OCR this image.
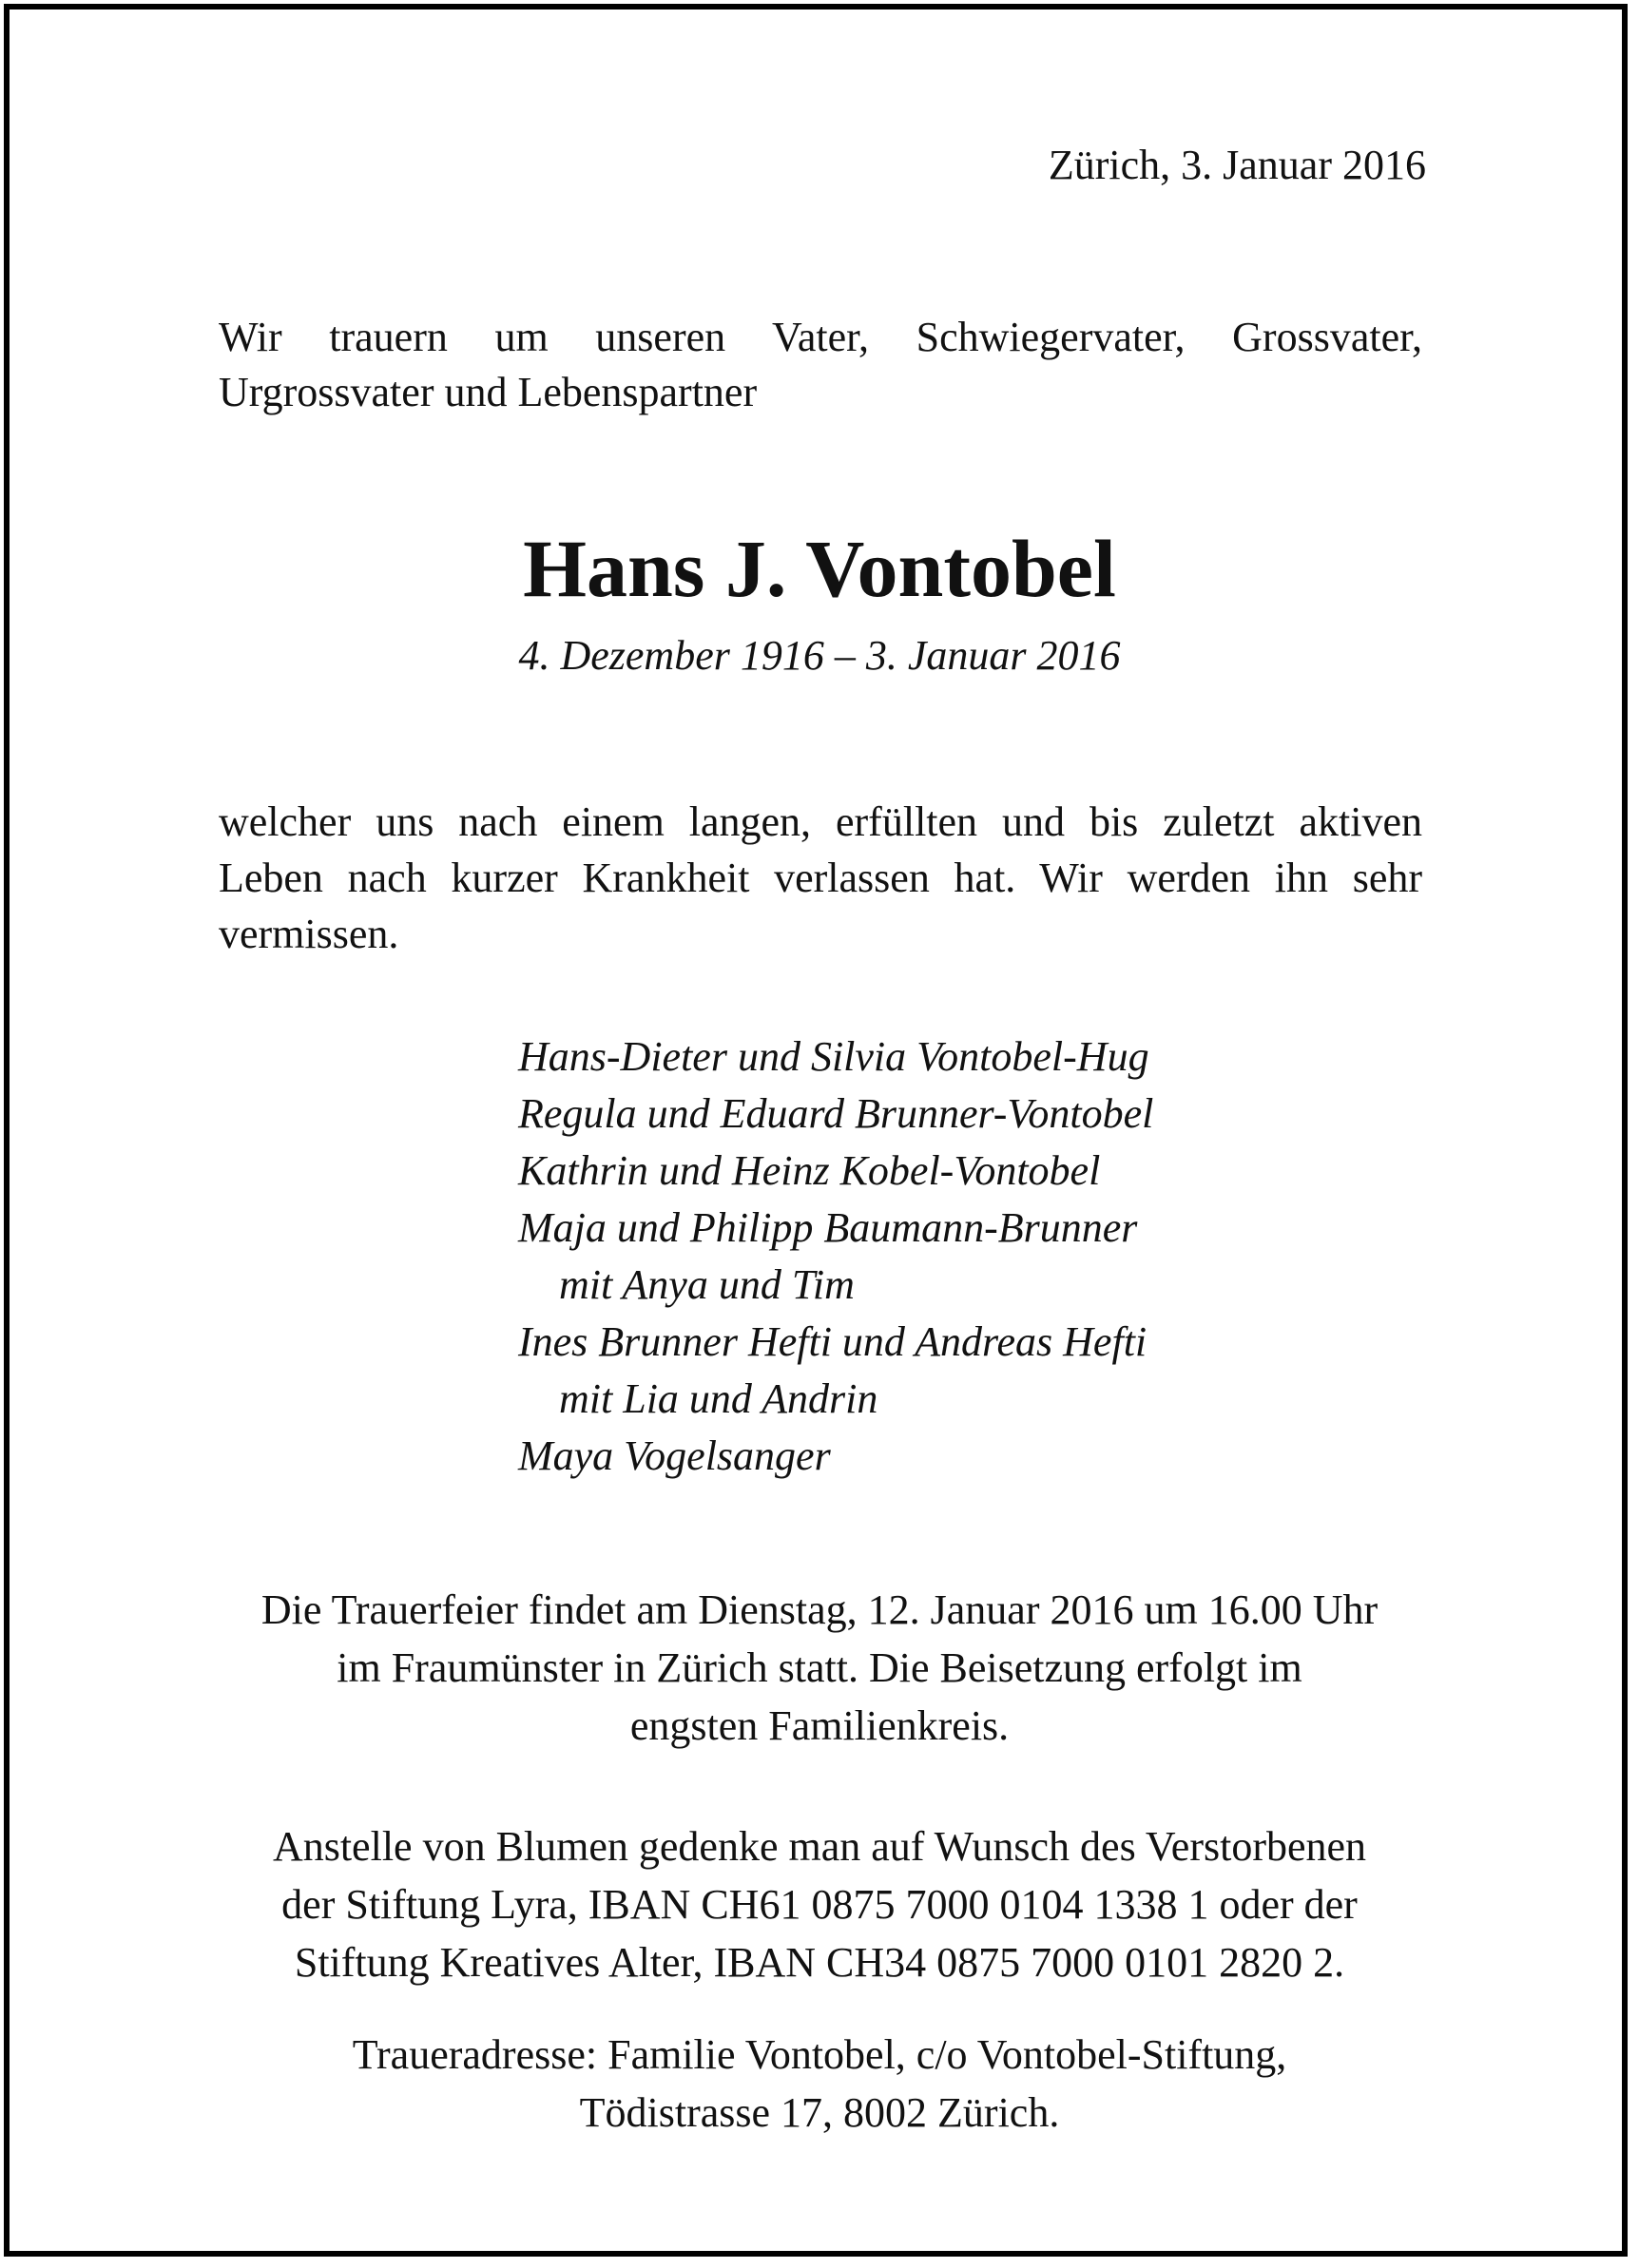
Zürich, 3. Januar 2016
Wir trauern um unseren Vater, Schwiegervater, Grossvater,
Urgrossvater und Lebenspartner
Hans J. Vontobel
4. Dezember 1916 – 3. Januar 2016
welcher uns nach einem langen, erfüllten und bis zuletzt aktiven
Leben nach kurzer Krankheit verlassen hat. Wir werden ihn sehr
vermissen.
Hans-Dieter und Silvia Vontobel-Hug
Regula und Eduard Brunner-Vontobel
Kathrin und Heinz Kobel-Vontobel
Maja und Philipp Baumann-Brunner
mit Anya und Tim
Ines Brunner Hefti und Andreas Hefti
mit Lia und Andrin
Maya Vogelsanger
Die Trauerfeier findet am Dienstag, 12. Januar 2016 um 16.00 Uhr
im Fraumünster in Zürich statt. Die Beisetzung erfolgt im
engsten Familienkreis.
Anstelle von Blumen gedenke man auf Wunsch des Verstorbenen
der Stiftung Lyra, IBAN CH61 0875 7000 0104 1338 1 oder der
Stiftung Kreatives Alter, IBAN CH34 0875 7000 0101 2820 2.
Traueradresse: Familie Vontobel, c/o Vontobel-Stiftung,
Tödistrasse 17, 8002 Zürich.
